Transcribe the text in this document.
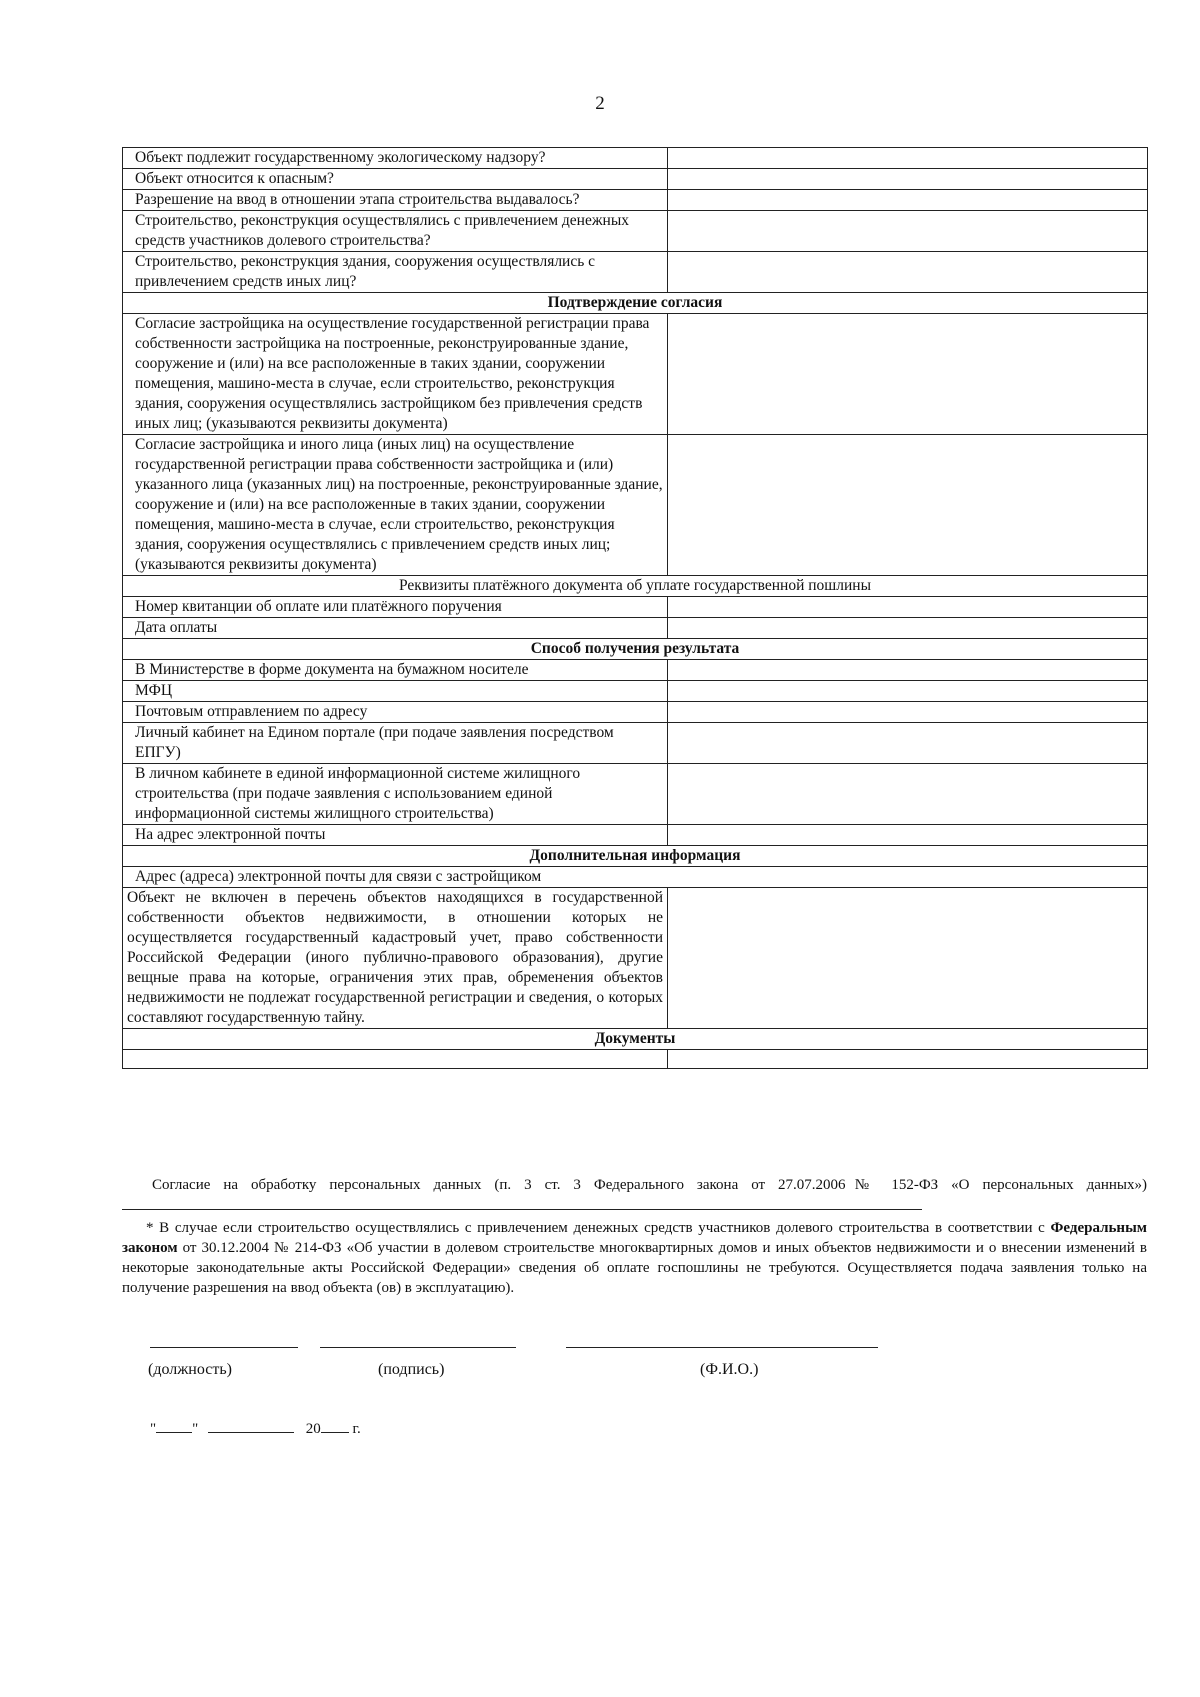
2
Объект подлежит государственному экологическому надзору?	
Объект относится к опасным?	
Разрешение на ввод в отношении этапа строительства выдавалось?	
Строительство, реконструкция осуществлялись с привлечением денежных средств участников долевого строительства?	
Строительство, реконструкция здания, сооружения осуществлялись с привлечением средств иных лиц?	
Подтверждение согласия	
Согласие застройщика на осуществление государственной регистрации права собственности застройщика на построенные, реконструированные здание, сооружение и (или) на все расположенные в таких здании, сооружении помещения, машино-места в случае, если строительство, реконструкция здания, сооружения осуществлялись застройщиком без привлечения средств иных лиц; (указываются реквизиты документа)	
Согласие застройщика и иного лица (иных лиц) на осуществление государственной регистрации права собственности застройщика и (или) указанного лица (указанных лиц) на построенные, реконструированные здание, сооружение и (или) на все расположенные в таких здании, сооружении помещения, машино-места в случае, если строительство, реконструкция здания, сооружения осуществлялись с привлечением средств иных лиц; (указываются реквизиты документа)	
Реквизиты платёжного документа об уплате государственной пошлины	
Номер квитанции об оплате или платёжного поручения	
Дата оплаты	
Способ получения результата	
В Министерстве в форме документа на бумажном носителе	
МФЦ	
Почтовым отправлением по адресу	
Личный кабинет на Едином портале (при подаче заявления посредством ЕПГУ)	
В личном кабинете в единой информационной системе жилищного строительства (при подаче заявления с использованием единой информационной системы жилищного строительства)	
На адрес электронной почты	
Дополнительная информация	
Адрес (адреса) электронной почты для связи с застройщиком	
Объект не включен в перечень объектов находящихся в государственной собственности объектов недвижимости, в отношении которых не осуществляется государственный кадастровый учет, право собственности Российской Федерации (иного публично-правового образования), другие вещные права на которые, ограничения этих прав, обременения объектов недвижимости не подлежат государственной регистрации и сведения, о которых составляют государственную тайну.	
Документы	

Согласие на обработку персональных данных (п. 3 ст. 3 Федерального закона от 27.07.2006№ 152-ФЗ «О персональных данных»)

* В случае если строительство осуществлялись с привлечением денежных средств участников долевого строительства в соответствии с Федеральным законом от 30.12.2004 № 214-ФЗ «Об участии в долевом строительстве многоквартирных домов и иных объектов недвижимости и о внесении изменений в некоторые законодательные акты Российской Федерации» сведения об оплате госпошлины не требуются. Осуществляется подача заявления только на получение разрешения на ввод объекта (ов) в эксплуатацию).

(должность)	(подпись)	(Ф.И.О.)
" "	20 г.
